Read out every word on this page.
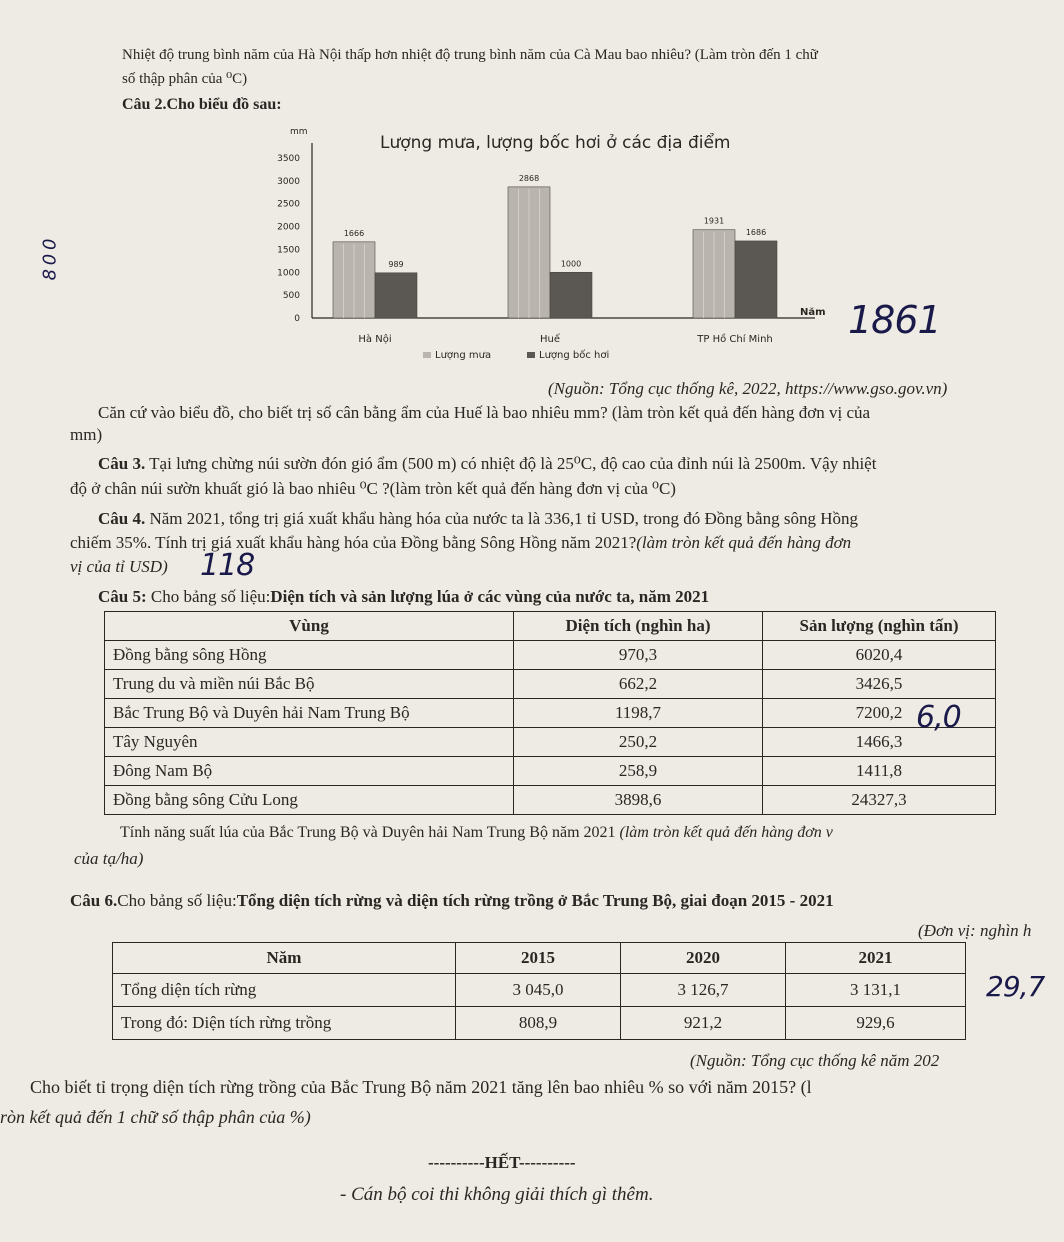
Nhiệt độ trung bình năm của Hà Nội thấp hơn nhiệt độ trung bình năm của Cà Mau bao nhiêu? (Làm tròn đến 1 chữ
số thập phân của ⁰C)
Câu 2.Cho biểu đồ sau:
Lượng mưa, lượng bốc hơi ở các địa điểm
mm
0
500
1000
1500
2000
2500
3000
3500
1666
989
2868
1000
1931
1686
Hà Nội	Huế	TP Hồ Chí Minh
Năm
Lượng mưa	Lượng bốc hơi
8 0 0
1861
(Nguồn: Tổng cục thống kê, 2022, https://www.gso.gov.vn)
Căn cứ vào biểu đồ, cho biết trị số cân bằng ẩm của Huế là bao nhiêu mm? (làm tròn kết quả đến hàng đơn vị của
mm)
Câu 3. Tại lưng chừng núi sườn đón gió ẩm (500 m) có nhiệt độ là 25⁰C, độ cao của đỉnh núi là 2500m. Vậy nhiệt
độ ở chân núi sườn khuất gió là bao nhiêu ⁰C ?(làm tròn kết quả đến hàng đơn vị của ⁰C)
Câu 4. Năm 2021, tổng trị giá xuất khẩu hàng hóa của nước ta là 336,1 tỉ USD, trong đó Đồng bằng sông Hồng
chiếm 35%. Tính trị giá xuất khẩu hàng hóa của Đồng bằng Sông Hồng năm 2021?(làm tròn kết quả đến hàng đơn
vị của tỉ USD) 118
Câu 5: Cho bảng số liệu:Diện tích và sản lượng lúa ở các vùng của nước ta, năm 2021
Vùng	Diện tích (nghìn ha)	Sản lượng (nghìn tấn)
Đồng bằng sông Hồng	970,3	6020,4
Trung du và miền núi Bắc Bộ	662,2	3426,5
Bắc Trung Bộ và Duyên hải Nam Trung Bộ	1198,7	7200,2
Tây Nguyên	250,2	1466,3
Đông Nam Bộ	258,9	1411,8
Đồng bằng sông Cửu Long	3898,6	24327,3
6,0
Tính năng suất lúa của Bắc Trung Bộ và Duyên hải Nam Trung Bộ năm 2021 (làm tròn kết quả đến hàng đơn v
của tạ/ha)
Câu 6.Cho bảng số liệu:Tổng diện tích rừng và diện tích rừng trồng ở Bắc Trung Bộ, giai đoạn 2015 - 2021
(Đơn vị: nghìn h
Năm	2015	2020	2021
Tổng diện tích rừng	3 045,0	3 126,7	3 131,1
Trong đó: Diện tích rừng trồng	808,9	921,2	929,6
29,7
(Nguồn: Tổng cục thống kê năm 202
Cho biết tỉ trọng diện tích rừng trồng của Bắc Trung Bộ năm 2021 tăng lên bao nhiêu % so với năm 2015? (l
ròn kết quả đến 1 chữ số thập phân của %)
----------HẾT----------
- Cán bộ coi thi không giải thích gì thêm.
